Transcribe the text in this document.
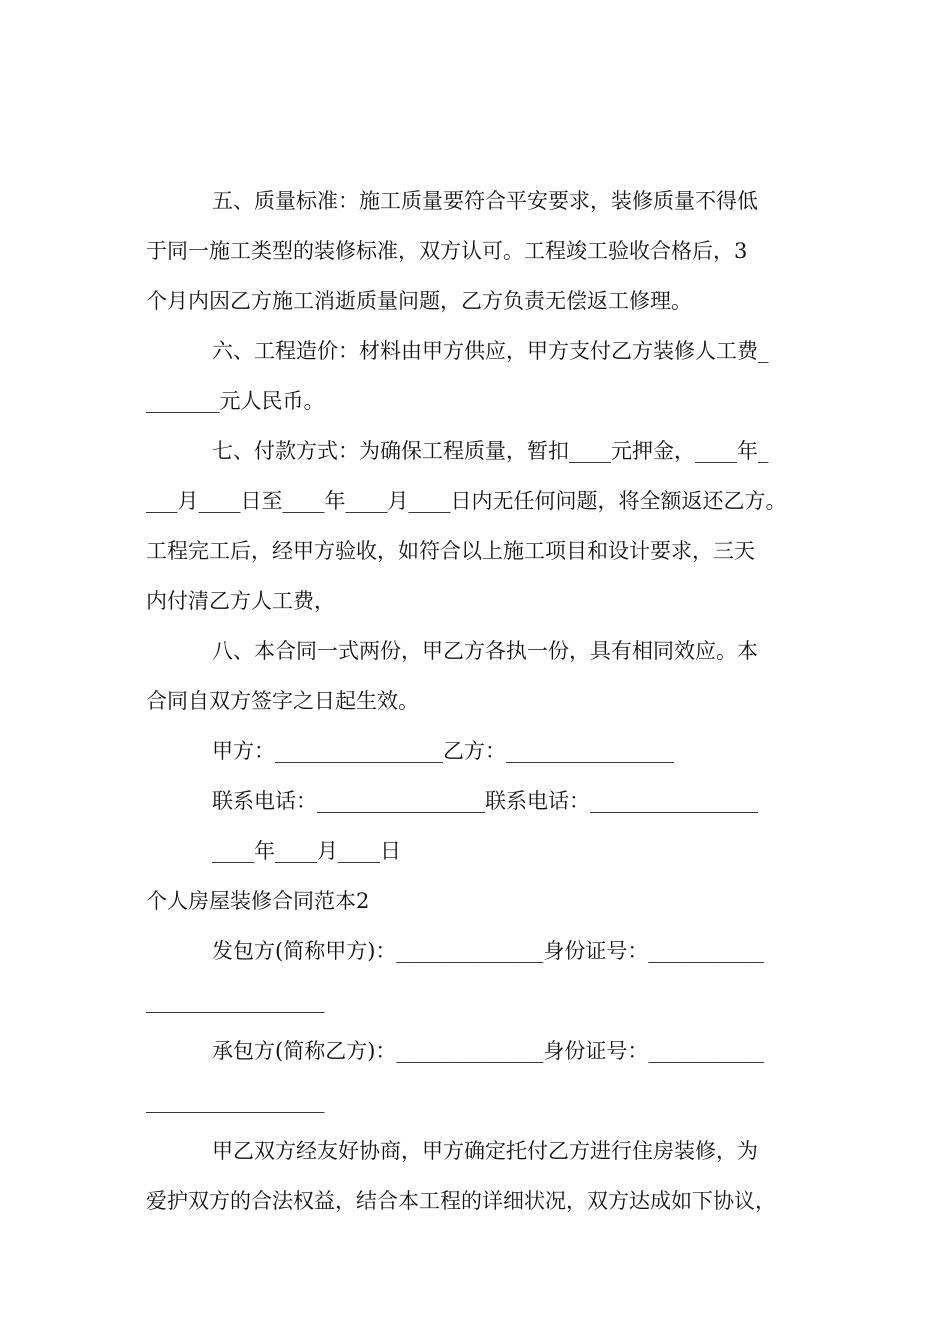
五、质量标准：施工质量要符合平安要求，装修质量不得低
于同一施工类型的装修标准，双方认可。工程竣工验收合格后，3
个月内因乙方施工消逝质量问题，乙方负责无偿返工修理。
六、工程造价：材料由甲方供应，甲方支付乙方装修人工费_
_______元人民币。
七、付款方式：为确保工程质量，暂扣____元押金，____年_
___月____日至____年____月____日内无任何问题，将全额返还乙方。
工程完工后，经甲方验收，如符合以上施工项目和设计要求，三天
内付清乙方人工费，
八、本合同一式两份，甲乙方各执一份，具有相同效应。本
合同自双方签字之日起生效。
甲方：________________乙方：________________
联系电话：________________联系电话：________________
____年____月____日
个人房屋装修合同范本2
发包方(简称甲方)：______________身份证号：___________
_________________
承包方(简称乙方)：______________身份证号：___________
_________________
甲乙双方经友好协商，甲方确定托付乙方进行住房装修，为
爱护双方的合法权益，结合本工程的详细状况，双方达成如下协议，
